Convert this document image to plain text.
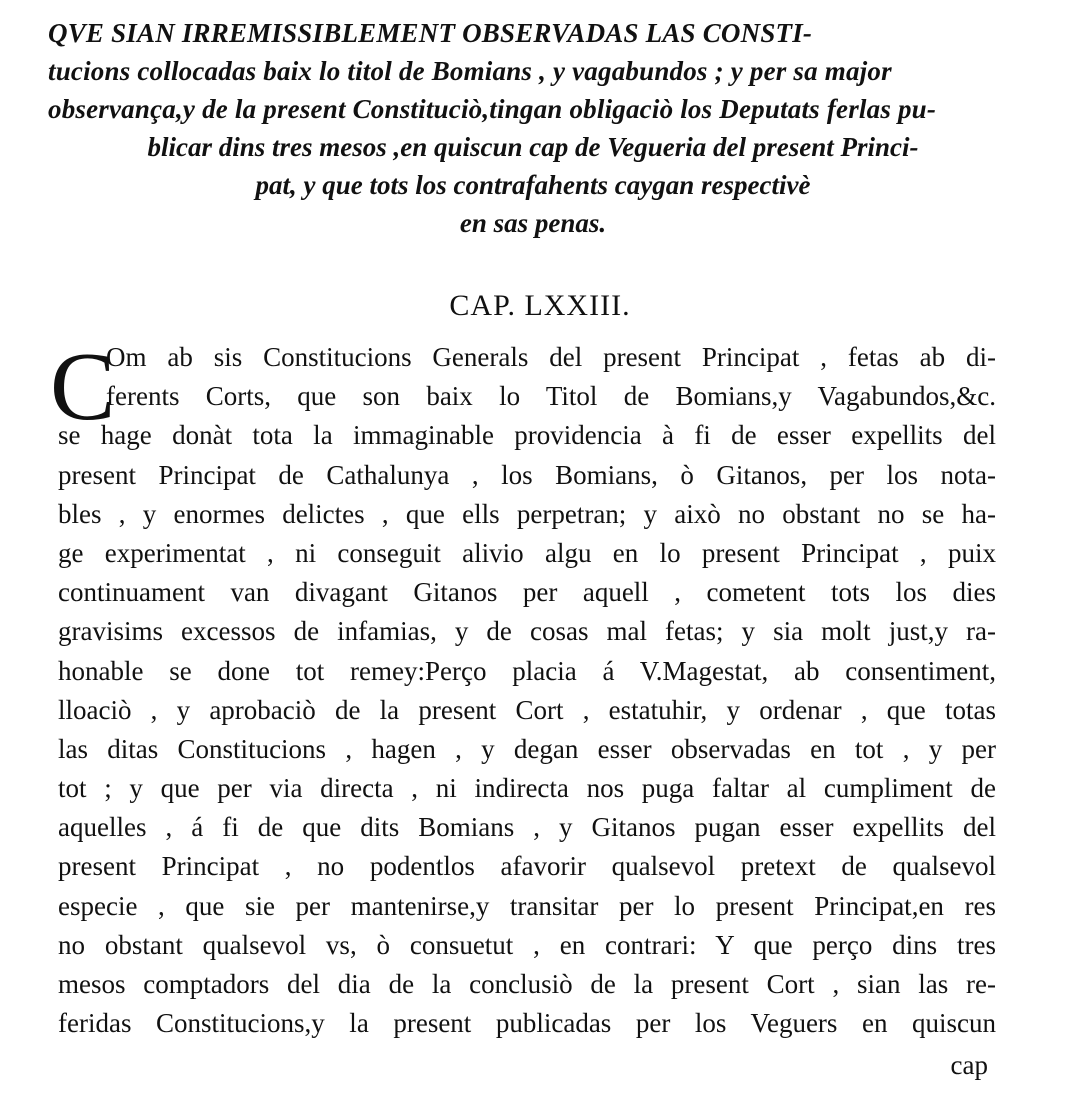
QVE SIAN IRREMISSIBLEMENT OBSERVADAS LAS CONSTI-
tucions collocadas baix lo titol de Bomians , y vagabundos ; y per sa major
observança,y de la present Constituciò,tingan obligaciò los Deputats ferlas pu-
blicar dins tres mesos ,en quiscun cap de Vegueria del present Princi-
pat, y que tots los contrafahents caygan respectivè
en sas penas.
CAP. LXXIII.
C
Om ab sis Constitucions Generals del present Principat , fetas ab di-
ferents Corts, que son baix lo Titol de Bomians,y Vagabundos,&c.
se hage donàt tota la immaginable providencia à fi de esser expellits del
present Principat de Cathalunya , los Bomians, ò Gitanos, per los nota-
bles , y enormes delictes , que ells perpetran; y això no obstant no se ha-
ge experimentat , ni conseguit alivio algu en lo present Principat , puix
continuament van divagant Gitanos per aquell , cometent tots los dies
gravisims excessos de infamias, y de cosas mal fetas; y sia molt just,y ra-
honable se done tot remey:Perço placia á V.Magestat, ab consentiment,
lloaciò , y aprobaciò de la present Cort , estatuhir, y ordenar , que totas
las ditas Constitucions , hagen , y degan esser observadas en tot , y per
tot ; y que per via directa , ni indirecta nos puga faltar al cumpliment de
aquelles , á fi de que dits Bomians , y Gitanos pugan esser expellits del
present Principat , no podentlos afavorir qualsevol pretext de qualsevol
especie , que sie per mantenirse,y transitar per lo present Principat,en res
no obstant qualsevol vs, ò consuetut , en contrari: Y que perço dins tres
mesos comptadors del dia de la conclusiò de la present Cort , sian las re-
feridas Constitucions,y la present publicadas per los Veguers en quiscun
cap
